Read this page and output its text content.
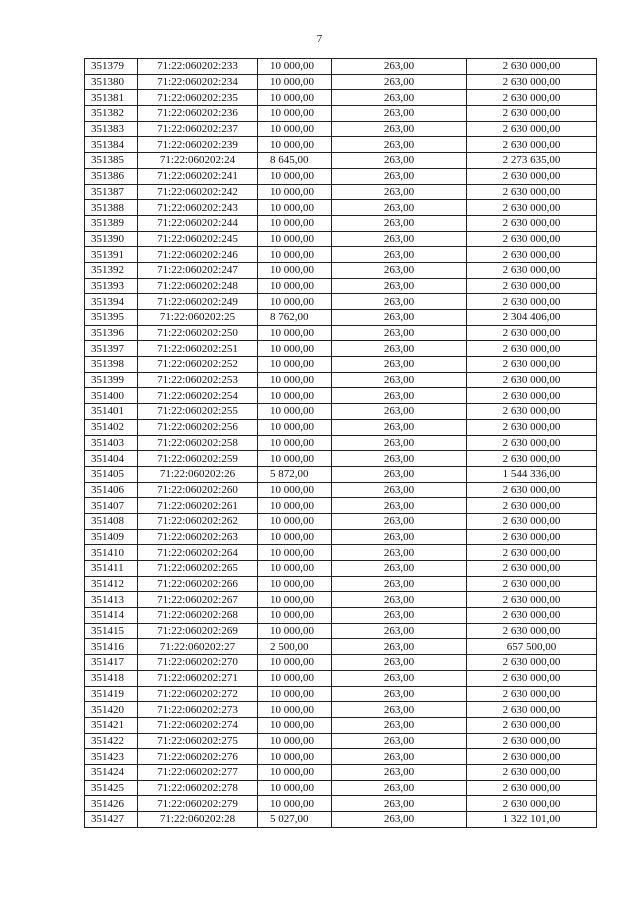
7
351379	71:22:060202:233	10 000,00	263,00	2 630 000,00
351380	71:22:060202:234	10 000,00	263,00	2 630 000,00
351381	71:22:060202:235	10 000,00	263,00	2 630 000,00
351382	71:22:060202:236	10 000,00	263,00	2 630 000,00
351383	71:22:060202:237	10 000,00	263,00	2 630 000,00
351384	71:22:060202:239	10 000,00	263,00	2 630 000,00
351385	71:22:060202:24	8 645,00	263,00	2 273 635,00
351386	71:22:060202:241	10 000,00	263,00	2 630 000,00
351387	71:22:060202:242	10 000,00	263,00	2 630 000,00
351388	71:22:060202:243	10 000,00	263,00	2 630 000,00
351389	71:22:060202:244	10 000,00	263,00	2 630 000,00
351390	71:22:060202:245	10 000,00	263,00	2 630 000,00
351391	71:22:060202:246	10 000,00	263,00	2 630 000,00
351392	71:22:060202:247	10 000,00	263,00	2 630 000,00
351393	71:22:060202:248	10 000,00	263,00	2 630 000,00
351394	71:22:060202:249	10 000,00	263,00	2 630 000,00
351395	71:22:060202:25	8 762,00	263,00	2 304 406,00
351396	71:22:060202:250	10 000,00	263,00	2 630 000,00
351397	71:22:060202:251	10 000,00	263,00	2 630 000,00
351398	71:22:060202:252	10 000,00	263,00	2 630 000,00
351399	71:22:060202:253	10 000,00	263,00	2 630 000,00
351400	71:22:060202:254	10 000,00	263,00	2 630 000,00
351401	71:22:060202:255	10 000,00	263,00	2 630 000,00
351402	71:22:060202:256	10 000,00	263,00	2 630 000,00
351403	71:22:060202:258	10 000,00	263,00	2 630 000,00
351404	71:22:060202:259	10 000,00	263,00	2 630 000,00
351405	71:22:060202:26	5 872,00	263,00	1 544 336,00
351406	71:22:060202:260	10 000,00	263,00	2 630 000,00
351407	71:22:060202:261	10 000,00	263,00	2 630 000,00
351408	71:22:060202:262	10 000,00	263,00	2 630 000,00
351409	71:22:060202:263	10 000,00	263,00	2 630 000,00
351410	71:22:060202:264	10 000,00	263,00	2 630 000,00
351411	71:22:060202:265	10 000,00	263,00	2 630 000,00
351412	71:22:060202:266	10 000,00	263,00	2 630 000,00
351413	71:22:060202:267	10 000,00	263,00	2 630 000,00
351414	71:22:060202:268	10 000,00	263,00	2 630 000,00
351415	71:22:060202:269	10 000,00	263,00	2 630 000,00
351416	71:22:060202:27	2 500,00	263,00	657 500,00
351417	71:22:060202:270	10 000,00	263,00	2 630 000,00
351418	71:22:060202:271	10 000,00	263,00	2 630 000,00
351419	71:22:060202:272	10 000,00	263,00	2 630 000,00
351420	71:22:060202:273	10 000,00	263,00	2 630 000,00
351421	71:22:060202:274	10 000,00	263,00	2 630 000,00
351422	71:22:060202:275	10 000,00	263,00	2 630 000,00
351423	71:22:060202:276	10 000,00	263,00	2 630 000,00
351424	71:22:060202:277	10 000,00	263,00	2 630 000,00
351425	71:22:060202:278	10 000,00	263,00	2 630 000,00
351426	71:22:060202:279	10 000,00	263,00	2 630 000,00
351427	71:22:060202:28	5 027,00	263,00	1 322 101,00
